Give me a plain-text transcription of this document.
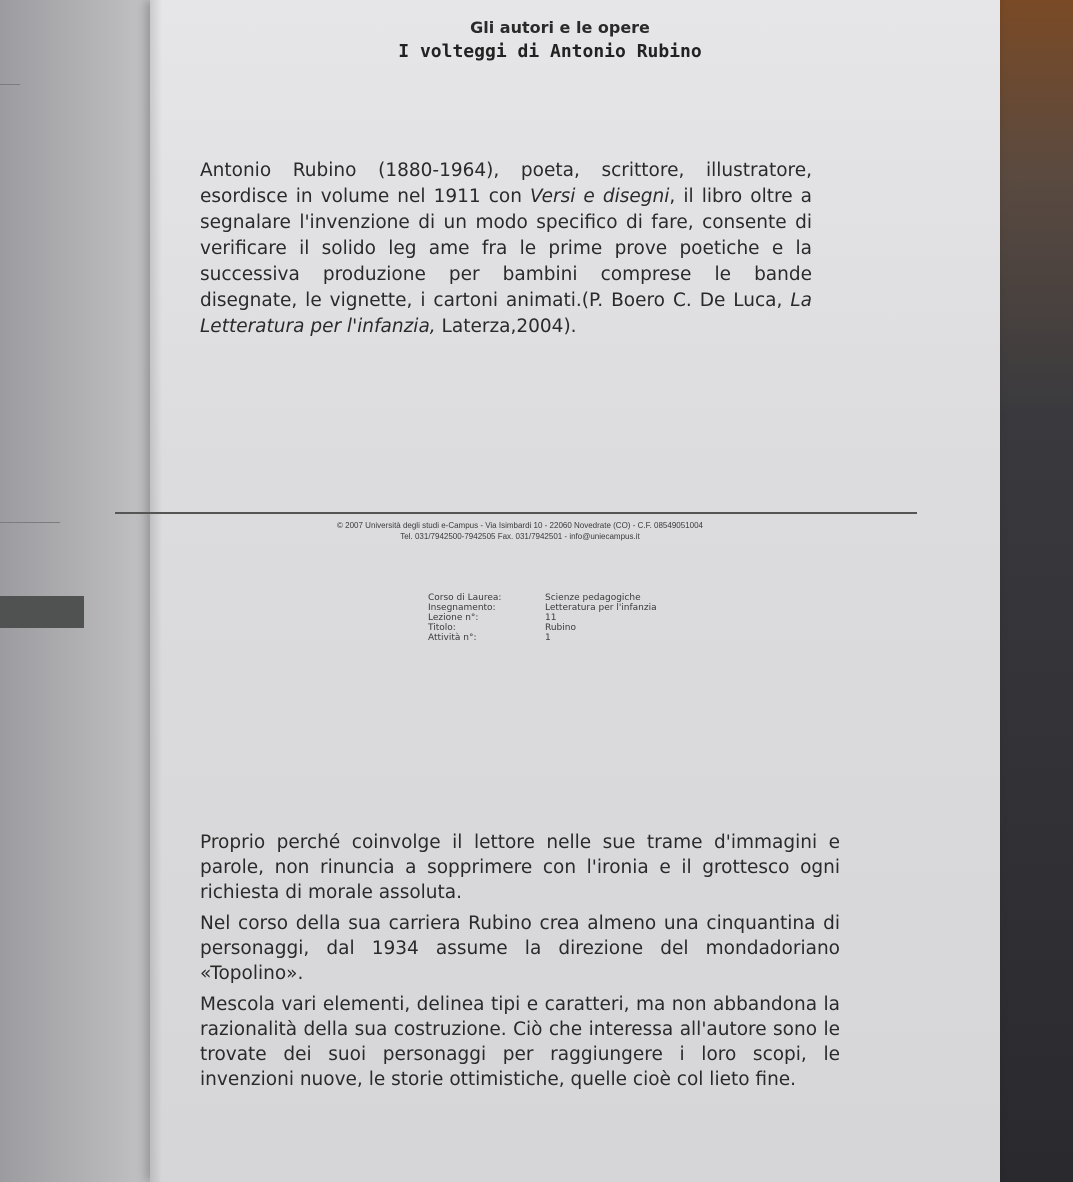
Gli autori e le opere
I volteggi di Antonio Rubino
Antonio Rubino (1880-1964), poeta, scrittore, illustratore, esordisce in volume nel 1911 con Versi e disegni, il libro oltre a segnalare l'invenzione di un modo specifico di fare, consente di verificare il solido leg ame fra le prime prove poetiche e la successiva produzione per bambini comprese le bande disegnate, le vignette, i cartoni animati.(P. Boero C. De Luca, La Letteratura per l'infanzia, Laterza,2004).
© 2007 Università degli studi e-Campus - Via Isimbardi 10 - 22060 Novedrate (CO) - C.F. 08549051004
Tel. 031/7942500-7942505 Fax. 031/7942501 - info@uniecampus.it
Corso di Laurea:	Scienze pedagogiche
Insegnamento:	Letteratura per l'infanzia
Lezione n°:	11
Titolo:	Rubino
Attività n°:	1

Proprio perché coinvolge il lettore nelle sue trame d'immagini e parole, non rinuncia a sopprimere con l'ironia e il grottesco ogni richiesta di morale assoluta.

Nel corso della sua carriera Rubino crea almeno una cinquantina di personaggi, dal 1934 assume la direzione del mondadoriano «Topolino».

Mescola vari elementi, delinea tipi e caratteri, ma non abbandona la razionalità della sua costruzione. Ciò che interessa all'autore sono le trovate dei suoi personaggi per raggiungere i loro scopi, le invenzioni nuove, le storie ottimistiche, quelle cioè col lieto fine.
